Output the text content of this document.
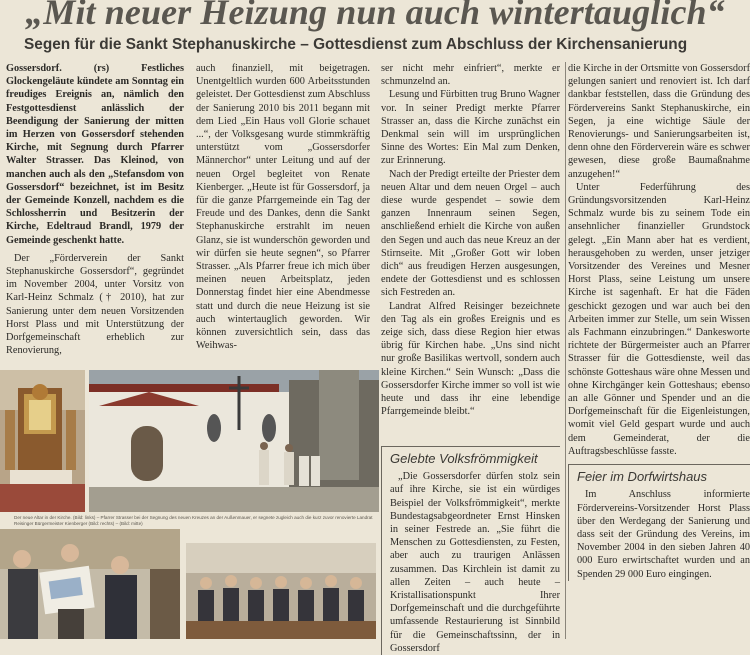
„Mit neuer Heizung nun auch wintertauglich“
Segen für die Sankt Stephanuskirche – Gottesdienst zum Abschluss der Kirchensanierung

Gossersdorf. (rs) Festliches Glockengeläute kündete am Sonntag ein freudiges Ereignis an, nämlich den Festgottesdienst anlässlich der Beendigung der Sanierung der mitten im Herzen von Gossersdorf stehenden Kirche, mit Segnung durch Pfarrer Walter Strasser. Das Kleinod, von manchen auch als den „Stefansdom von Gossersdorf“ bezeichnet, ist im Besitz der Gemeinde Konzell, nachdem es die Schlossherrin und Besitzerin der Kirche, Edeltraud Brandl, 1979 der Gemeinde geschenkt hatte.

Der „Förderverein der Sankt Stephanuskirche Gossersdorf“, gegründet im November 2004, unter Vorsitz von Karl-Heinz Schmalz († 2010), hat zur Sanierung unter dem neuen Vorsitzenden Horst Plass und mit Unterstützung der Dorfgemeinschaft erheblich zur Renovierung,

auch finanziell, mit beigetragen. Unentgeltlich wurden 600 Arbeitsstunden geleistet. Der Gottesdienst zum Abschluss der Sanierung 2010 bis 2011 begann mit dem Lied „Ein Haus voll Glorie schauet ...“, der Volksgesang wurde stimmkräftig unterstützt vom „Gossersdorfer Männerchor“ unter Leitung und auf der neuen Orgel begleitet von Renate Kienberger. „Heute ist für Gossersdorf, ja für die ganze Pfarrgemeinde ein Tag der Freude und des Dankes, denn die Sankt Stephanuskirche erstrahlt im neuen Glanz, sie ist wunderschön geworden und wir dürfen sie heute segnen“, so Pfarrer Strasser. „Als Pfarrer freue ich mich über meinen neuen Arbeitsplatz, jeden Donnerstag findet hier eine Abendmesse statt und durch die neue Heizung ist sie auch wintertauglich geworden. Wir können zuversichtlich sein, dass das Weihwas-

ser nicht mehr einfriert“, merkte er schmunzelnd an.

Lesung und Fürbitten trug Bruno Wagner vor. In seiner Predigt merkte Pfarrer Strasser an, dass die Kirche zunächst ein Denkmal sein will im ursprünglichen Sinne des Wortes: Ein Mal zum Denken, zur Erinnerung.

Nach der Predigt erteilte der Priester dem neuen Altar und dem neuen Orgel – auch diese wurde gespendet – sowie dem ganzen Innenraum seinen Segen, anschließend erhielt die Kirche von außen den Segen und auch das neue Kreuz an der Stirnseite. Mit „Großer Gott wir loben dich“ aus freudigen Herzen ausgesungen, endete der Gottesdienst und es schlossen sich Festreden an.

Landrat Alfred Reisinger bezeichnete den Tag als ein großes Ereignis und es zeige sich, dass diese Region hier etwas übrig für Kirchen habe. „Uns sind nicht nur große Basilikas wertvoll, sondern auch kleine Kirchen.“ Sein Wunsch: „Dass die Gossersdorfer Kirche immer so voll ist wie heute und dass ihr eine lebendige Pfarrgemeinde bleibt.“

Gelebte Volksfrömmigkeit

„Die Gossersdorfer dürfen stolz sein auf ihre Kirche, sie ist ein würdiges Beispiel der Volksfrömmigkeit“, merkte Bundestagsabgeordneter Ernst Hinsken in seiner Festrede an. „Sie führt die Menschen zu Gottesdiensten, zu Festen, aber auch zu traurigen Anlässen zusammen. Das Kirchlein ist damit zu allen Zeiten – auch heute – Kristallisationspunkt Ihrer Dorfgemeinschaft und die durchgeführte umfassende Restaurierung ist Sinnbild für die Gemeinschaftssinn, der in Gossersdorf

die Kirche in der Ortsmitte von Gossersdorf gelungen saniert und renoviert ist. Ich darf dankbar feststellen, dass die Gründung des Fördervereins Sankt Stephanuskirche, ein Segen, ja eine wichtige Säule der Renovierungs- und Sanierungsarbeiten ist, denn ohne den Förderverein wäre es schwer gewesen, diese große Baumaßnahme anzugehen!“

Unter Federführung des Gründungsvorsitzenden Karl-Heinz Schmalz wurde bis zu seinem Tode ein ansehnlicher finanzieller Grundstock gelegt. „Ein Mann aber hat es verdient, herausgehoben zu werden, unser jetziger Vorsitzender des Vereines und Mesner Horst Plass, seine Leistung um unsere Kirche ist sagenhaft. Er hat die Fäden geschickt gezogen und war auch bei den Arbeiten immer zur Stelle, um sein Wissen als Fachmann einzubringen.“ Dankesworte richtete der Bürgermeister auch an Pfarrer Strasser für die Gottesdienste, weil das schönste Gotteshaus wäre ohne Messen und ohne Kirchgänger kein Gotteshaus; ebenso an alle Gönner und Spender und an die Dorfgemeinschaft für die Eigenleistungen, womit viel Geld gespart wurde und auch dem Gemeinderat, der die Auftragsbeschlüsse fasste.

Feier im Dorfwirtshaus

Im Anschluss informierte Fördervereins-Vorsitzender Horst Plass über den Werdegang der Sanierung und dass seit der Gründung des Vereins, im November 2004 in den sieben Jahren 40 000 Euro erwirtschaftet wurden und an Spenden 29 000 Euro eingingen.

Der neue Altar in der Kirche. (Bild: links) – Pfarrer Strasser bei der Segnung des neuen Kreuzes an der Außenmauer, er segnete zugleich auch die kurz zuvor renovierte Landrat Reisinger Bürgermeister Kienberger (Bild: rechts) – (Bild: mitte)
